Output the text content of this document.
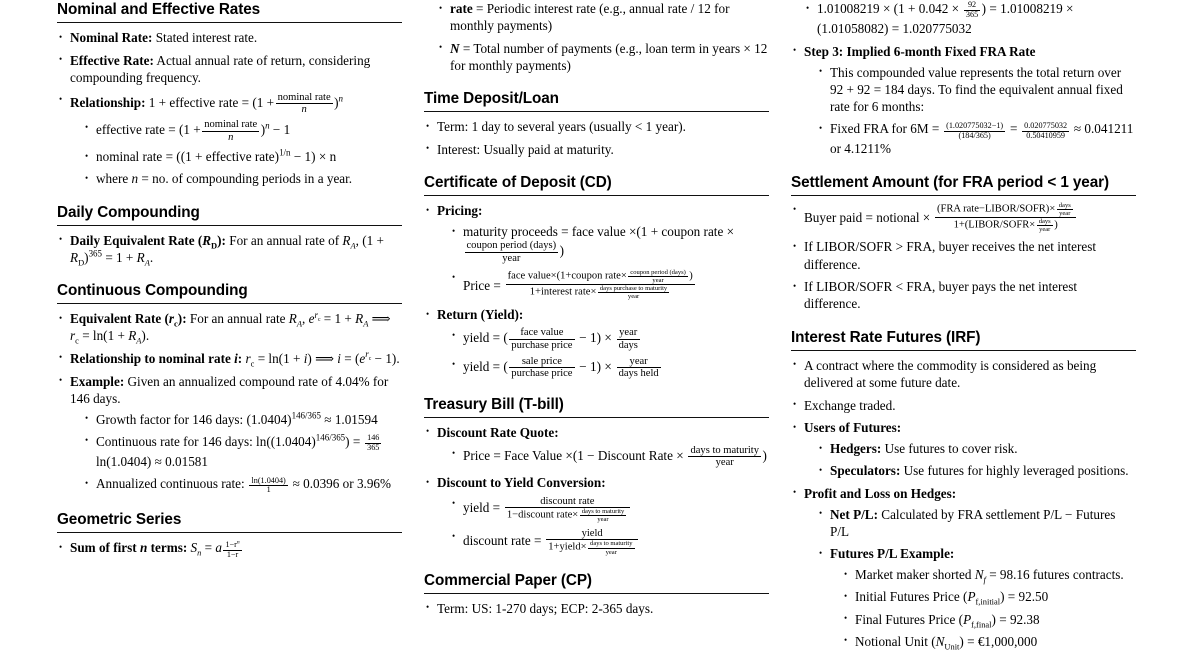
Nominal and Effective Rates
• Nominal Rate: Stated interest rate.
• Effective Rate: Actual annual rate of return, considering compounding frequency.
• Relationship: 1 + effective rate = $(1 + \frac{\text{nominal rate}}{n} )^n$
• effective rate = $(1 + \frac{\text{nominal rate}}{n} )^n - 1$
• nominal rate = ((1 + effective rate)$^{1/n}$ − 1) × n
• where n = no. of compounding periods in a year.
Daily Compounding
• Daily Equivalent Rate $(R_D)$: For an annual rate of $R_A$, $(1 + R_D)^{365} = 1 + R_A$.
Continuous Compounding
• Equivalent Rate $(r_c)$: For an annual rate $R_A$, $e^{r_c} = 1 + R_A$ ⟹ $r_c = \ln(1 + R_A)$.
• Relationship to nominal rate i: $r_c = \ln(1 + i)$ ⟹ $i = (e^{r_c} - 1)$.
• Example: Given an annualized compound rate of 4.04% for 146 days.
• Growth factor for 146 days: $(1.0404)^{146/365} \approx 1.01594$
• Continuous rate for 146 days: $\ln((1.0404)^{146/365}) = \frac{146}{365}$
ln(1.0404) ≈ 0.01581
• Annualized continuous rate: $\frac{\ln(1.0404)}{1} \approx 0.0396$ or 3.96%
Geometric Series
• Sum of first n terms: $S_n = a \frac{1-r^n}{1-r}$
• rate = Periodic interest rate (e.g., annual rate / 12 for monthly payments)
• N = Total number of payments (e.g., loan term in years × 12 for monthly payments)
Time Deposit/Loan
• Term: 1 day to several years (usually < 1 year).
• Interest: Usually paid at maturity.
Certificate of Deposit (CD)
• Pricing:
• maturity proceeds = face value ×(1 + coupon rate ×
$\frac{\text{coupon period (days)}}{\text{year}}$ )
• Price = $\frac{face value\times(1+coupon rate\times \frac{\text{coupon period (days)}}{\text{year}} )}{1+interest rate\times \frac{\text{days purchase to maturity}}{\text{year}}}$
• Return (Yield):
• yield = ( $\frac{\text{face value}}{\text{purchase price}} - 1) \times \frac{\text{year}}{\text{days}}$
• yield = ( $\frac{\text{sale price}}{\text{purchase price}} - 1) \times \frac{\text{year}}{\text{days held}}$
Treasury Bill (T-bill)
• Discount Rate Quote:
• Price = Face Value ×(1 − Discount Rate × $\frac{\text{days to maturity}}{\text{year}}$ )
• Discount to Yield Conversion:
• yield = $\frac{\text{discount rate}}{1-discount rate\times \frac{\text{days to maturity}}{\text{year}}}$
• discount rate = $\frac{\text{yield}}{1+yield\times \frac{\text{days to maturity}}{\text{year}}}$
Commercial Paper (CP)
• Term: US: 1-270 days; ECP: 2-365 days.
• $1.01008219 \times (1 + 0.042 \times \frac{92}{365}$ ) = 1.01008219 × (1.01058082) = 1.020775032
• Step 3: Implied 6-month Fixed FRA Rate
• This compounded value represents the total return over 92 + 92 = 184 days. To find the equivalent annual fixed rate for 6 months:
• Fixed FRA for $6M = \frac{(1.020775032-1)}{(184/365)} = \frac{0.020775032}{0.50410959} \approx 0.041211$ or 4.1211%
Settlement Amount (for FRA period < 1 year)
• Buyer paid = notional × $\frac{(FRA rate-LIBOR/SOFR)\times \frac{\text{days}}{\text{year}}}{1+(LIBOR/SOFR\times \frac{\text{days}}{\text{year}} )}$
• If LIBOR/SOFR > FRA, buyer receives the net interest difference.
• If LIBOR/SOFR < FRA, buyer pays the net interest difference.
Interest Rate Futures (IRF)
• A contract where the commodity is considered as being delivered at some future date.
• Exchange traded.
• Users of Futures:
• Hedgers: Use futures to cover risk.
• Speculators: Use futures for highly leveraged positions.
• Profit and Loss on Hedges:
• Net P/L: Calculated by FRA settlement P/L − Futures P/L
• Futures P/L Example:
• Market maker shorted $N_f = 98.16$ futures contracts.
• Initial Futures Price $(P_{f,initial}) = 92.50$
• Final Futures Price $(P_{f,final}) = 92.38$
• Notional Unit $(N_{Unit})$ = €1,000,000
